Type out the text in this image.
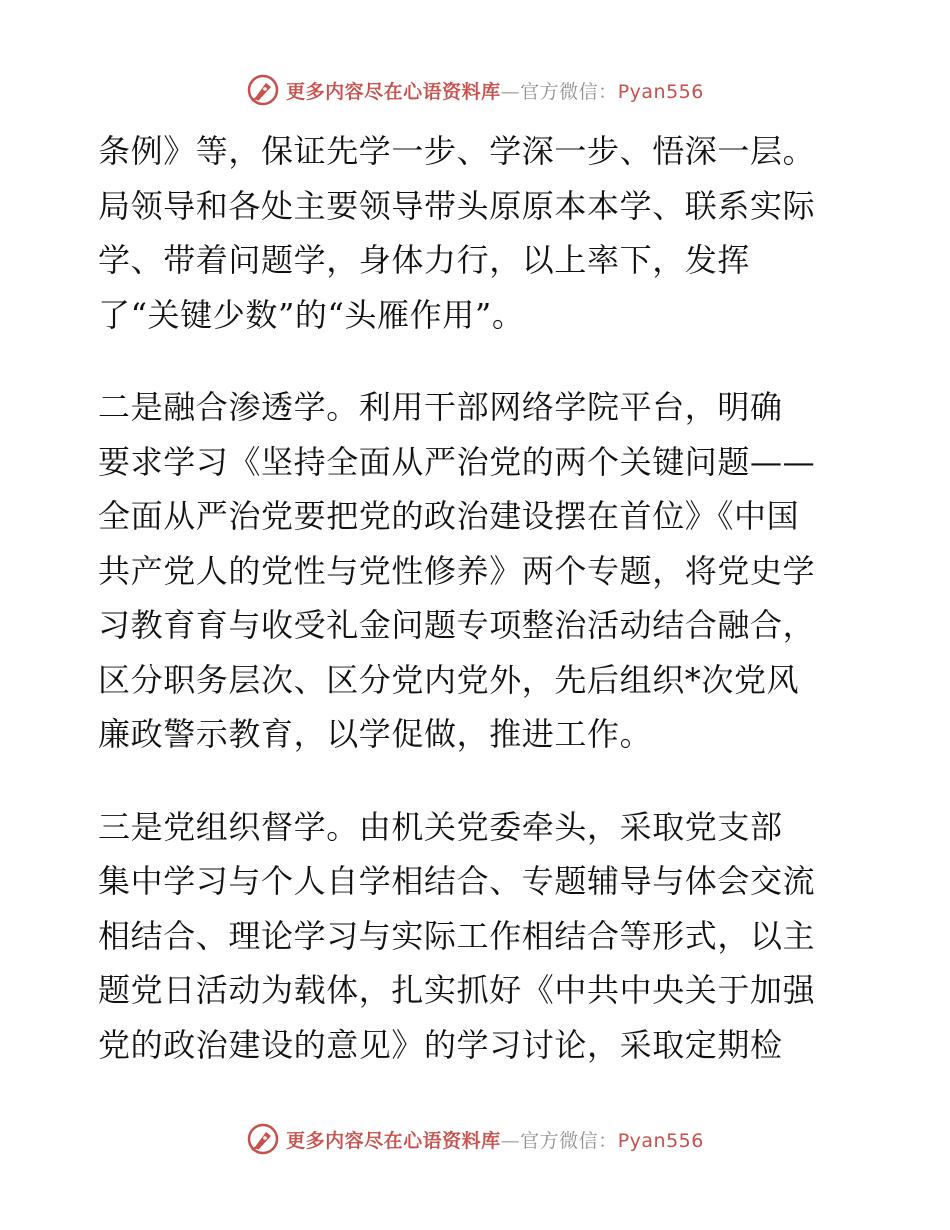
更多内容尽在心语资料库—官方微信：Pyan556
条例》等，保证先学一步、学深一步、悟深一层。
局领导和各处主要领导带头原原本本学、联系实际
学、带着问题学，身体力行，以上率下，发挥
了“关键少数”的“头雁作用”。
二是融合渗透学。利用干部网络学院平台，明确
要求学习《坚持全面从严治党的两个关键问题——
全面从严治党要把党的政治建设摆在首位》《中国
共产党人的党性与党性修养》两个专题，将党史学
习教育育与收受礼金问题专项整治活动结合融合，
区分职务层次、区分党内党外，先后组织*次党风
廉政警示教育，以学促做，推进工作。
三是党组织督学。由机关党委牵头，采取党支部
集中学习与个人自学相结合、专题辅导与体会交流
相结合、理论学习与实际工作相结合等形式，以主
题党日活动为载体，扎实抓好《中共中央关于加强
党的政治建设的意见》的学习讨论，采取定期检
更多内容尽在心语资料库—官方微信：Pyan556
